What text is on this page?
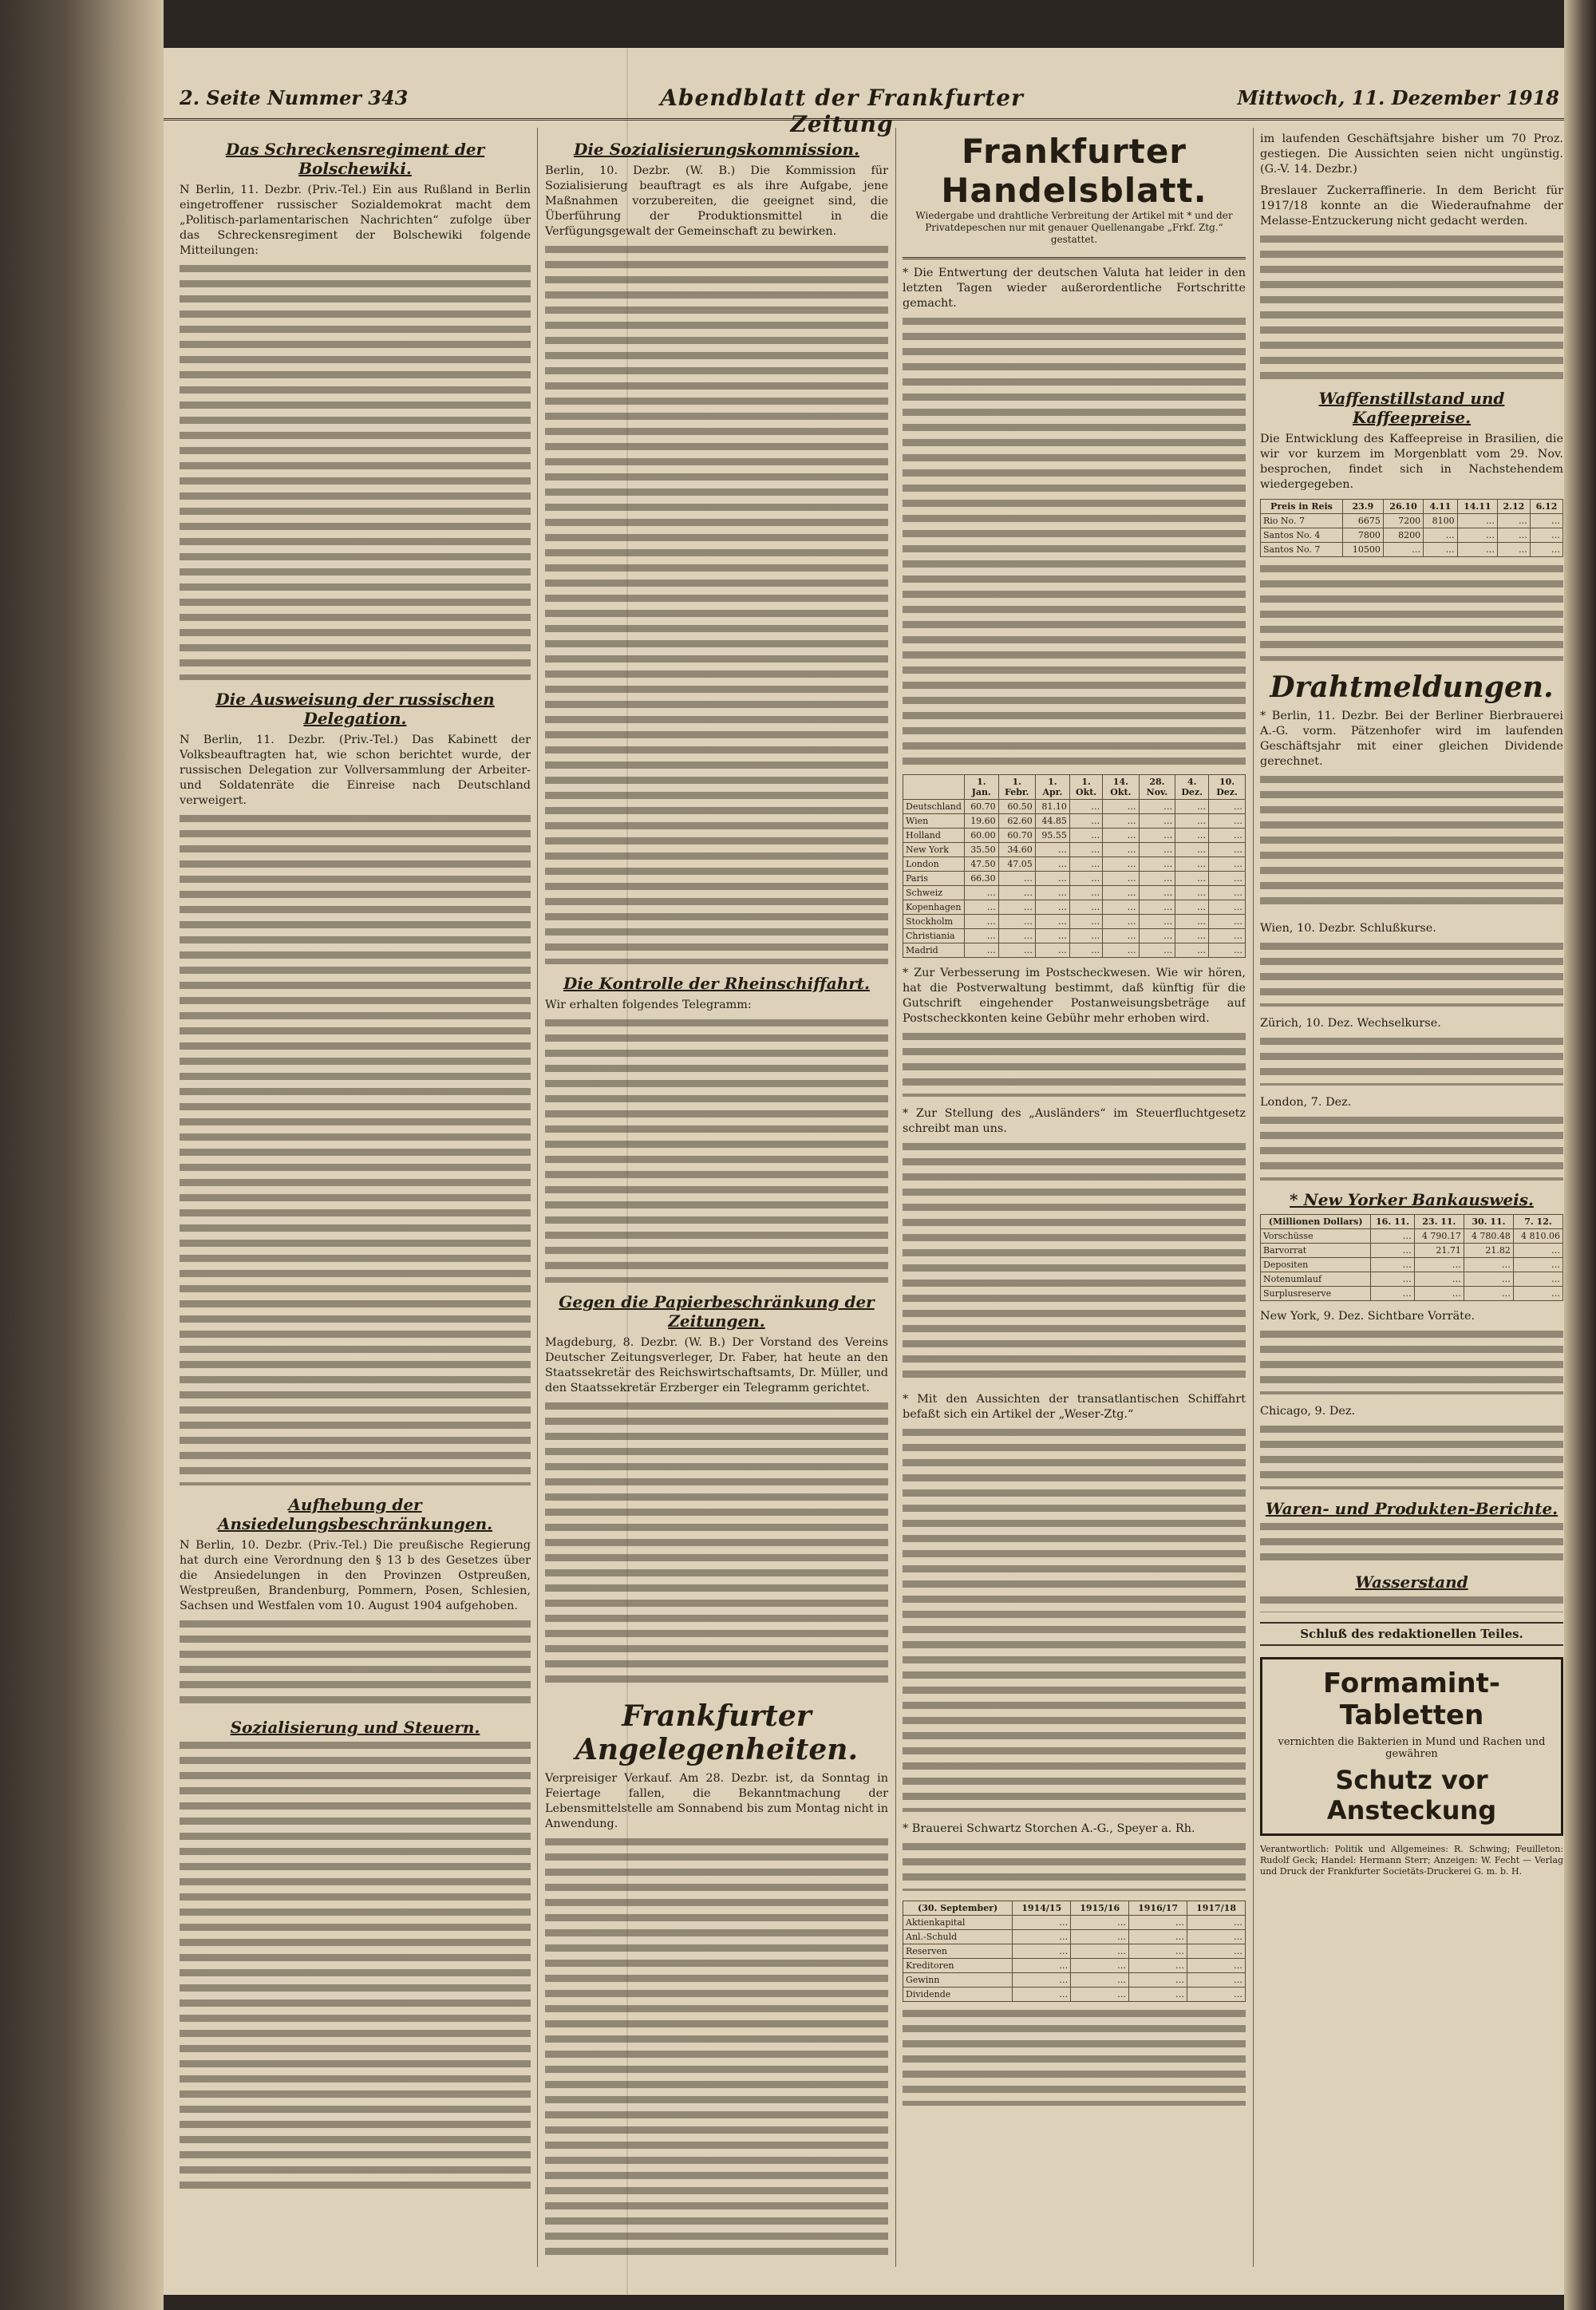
2. Seite Nummer 343	Abendblatt der Frankfurter Zeitung
Mittwoch, 11. Dezember 1918
Das Schreckensregiment der Bolschewiki.

N Berlin, 11. Dezbr. (Priv.-Tel.) Ein aus Rußland in Berlin eingetroffener russischer Sozialdemokrat macht dem „Politisch-parlamentarischen Nachrichten“ zufolge über das Schreckensregiment der Bolschewiki folgende Mitteilungen:

Die Ausweisung der russischen Delegation.

N Berlin, 11. Dezbr. (Priv.-Tel.) Das Kabinett der Volksbeauftragten hat, wie schon berichtet wurde, der russischen Delegation zur Vollversammlung der Arbeiter- und Soldatenräte die Einreise nach Deutschland verweigert.

Aufhebung der Ansiedelungsbeschränkungen.

N Berlin, 10. Dezbr. (Priv.-Tel.) Die preußische Regierung hat durch eine Verordnung den § 13 b des Gesetzes über die Ansiedelungen in den Provinzen Ostpreußen, Westpreußen, Brandenburg, Pommern, Posen, Schlesien, Sachsen und Westfalen vom 10. August 1904 aufgehoben.

Sozialisierung und Steuern.
Die Sozialisierungskommission.

Berlin, 10. Dezbr. (W. B.) Die Kommission für Sozialisierung beauftragt es als ihre Aufgabe, jene Maßnahmen vorzubereiten, die geeignet sind, die Überführung der Produktionsmittel in die Verfügungsgewalt der Gemeinschaft zu bewirken.

Die Kontrolle der Rheinschiffahrt.

Wir erhalten folgendes Telegramm:

Gegen die Papierbeschränkung der Zeitungen.

Magdeburg, 8. Dezbr. (W. B.) Der Vorstand des Vereins Deutscher Zeitungsverleger, Dr. Faber, hat heute an den Staatssekretär des Reichswirtschaftsamts, Dr. Müller, und den Staatssekretär Erzberger ein Telegramm gerichtet.

Frankfurter Angelegenheiten.

Verpreisiger Verkauf. Am 28. Dezbr. ist, da Sonntag in Feiertage fallen, die Bekanntmachung der Lebensmittelstelle am Sonnabend bis zum Montag nicht in Anwendung.

Frankfurter Handelsblatt.
Wiedergabe und drahtliche Verbreitung der Artikel mit * und der Privatdepeschen nur mit genauer Quellenangabe „Frkf. Ztg.“ gestattet.

* Die Entwertung der deutschen Valuta hat leider in den letzten Tagen wieder außerordentliche Fortschritte gemacht.

	1. Jan.	1. Febr.	1. Apr.	1. Okt.	14. Okt.	28. Nov.	4. Dez.	10. Dez.
Deutschland	60.70	60.50	81.10	…	…	…	…	…
Wien	19.60	62.60	44.85	…	…	…	…	…
Holland	60.00	60.70	95.55	…	…	…	…	…
New York	35.50	34.60	…	…	…	…	…	…
London	47.50	47.05	…	…	…	…	…	…
Paris	66.30	…	…	…	…	…	…	…
Schweiz	…	…	…	…	…	…	…	…
Kopenhagen	…	…	…	…	…	…	…	…
Stockholm	…	…	…	…	…	…	…	…
Christiania	…	…	…	…	…	…	…	…
Madrid	…	…	…	…	…	…	…	…

* Zur Verbesserung im Postscheckwesen. Wie wir hören, hat die Postverwaltung bestimmt, daß künftig für die Gutschrift eingehender Postanweisungsbeträge auf Postscheckkonten keine Gebühr mehr erhoben wird.

* Zur Stellung des „Ausländers“ im Steuerfluchtgesetz schreibt man uns.

* Mit den Aussichten der transatlantischen Schiffahrt befaßt sich ein Artikel der „Weser-Ztg.“

* Brauerei Schwartz Storchen A.-G., Speyer a. Rh.

(30. September)	1914/15	1915/16	1916/17	1917/18
Aktienkapital	…	…	…	…
Anl.-Schuld	…	…	…	…
Reserven	…	…	…	…
Kreditoren	…	…	…	…
Gewinn	…	…	…	…
Dividende	…	…	…	…

im laufenden Geschäftsjahre bisher um 70 Proz. gestiegen. Die Aussichten seien nicht ungünstig. (G.-V. 14. Dezbr.)

Breslauer Zuckerraffinerie. In dem Bericht für 1917/18 konnte an die Wiederaufnahme der Melasse-Entzuckerung nicht gedacht werden.

Waffenstillstand und Kaffeepreise.

Die Entwicklung des Kaffeepreise in Brasilien, die wir vor kurzem im Morgenblatt vom 29. Nov. besprochen, findet sich in Nachstehendem wiedergegeben.

Preis in Reis	23.9	26.10	4.11	14.11	2.12	6.12
Rio No. 7	6675	7200	8100	…	…	…
Santos No. 4	7800	8200	…	…	…	…
Santos No. 7	10500	…	…	…	…	…
Drahtmeldungen.

* Berlin, 11. Dezbr. Bei der Berliner Bierbrauerei A.-G. vorm. Pätzenhofer wird im laufenden Geschäftsjahr mit einer gleichen Dividende gerechnet.

Wien, 10. Dezbr. Schlußkurse.

Zürich, 10. Dez. Wechselkurse.

London, 7. Dez.

* New Yorker Bankausweis.
(Millionen Dollars)	16. 11.	23. 11.	30. 11.	7. 12.
Vorschüsse	…	4 790.17	4 780.48	4 810.06
Barvorrat	…	21.71	21.82	…
Depositen	…	…	…	…
Notenumlauf	…	…	…	…
Surplusreserve	…	…	…	…

New York, 9. Dez. Sichtbare Vorräte.

Chicago, 9. Dez.

Waren- und Produkten-Berichte.
Wasserstand
Schluß des redaktionellen Teiles.
Formamint-Tabletten
vernichten die Bakterien in Mund und Rachen und gewähren
Schutz vor Ansteckung
Verantwortlich: Politik und Allgemeines: R. Schwing; Feuilleton: Rudolf Geck; Handel: Hermann Sterr; Anzeigen: W. Fecht — Verlag und Druck der Frankfurter Societäts-Druckerei G. m. b. H.
